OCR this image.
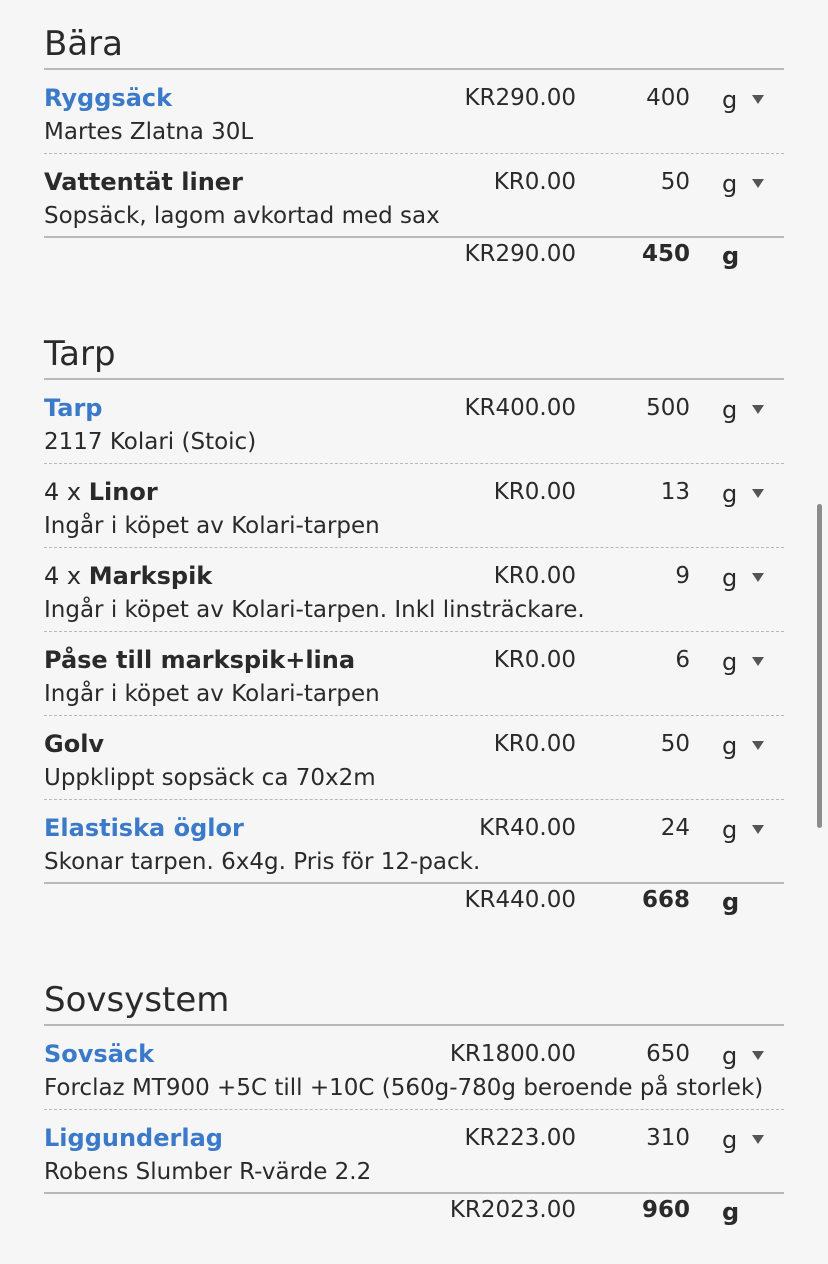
Bära
Ryggsäck
Martes Zlatna 30L
KR290.00	400 g
Vattentät liner
Sopsäck, lagom avkortad med sax
KR0.00	50 g
KR290.00	450 g
Tarp
Tarp
2117 Kolari (Stoic)
KR400.00	500 g
4 x Linor
Ingår i köpet av Kolari-tarpen
KR0.00	13 g
4 x Markspik
Ingår i köpet av Kolari-tarpen. Inkl linsträckare.
KR0.00	9 g
Påse till markspik+lina
Ingår i köpet av Kolari-tarpen
KR0.00	6 g
Golv
Uppklippt sopsäck ca 70x2m
KR0.00	50 g
Elastiska öglor
Skonar tarpen. 6x4g. Pris för 12-pack.
KR40.00	24 g
KR440.00	668 g
Sovsystem
Sovsäck
Forclaz MT900 +5C till +10C (560g-780g beroende på storlek)
KR1800.00	650 g
Liggunderlag
Robens Slumber R-värde 2.2
KR223.00	310 g
KR2023.00	960 g
